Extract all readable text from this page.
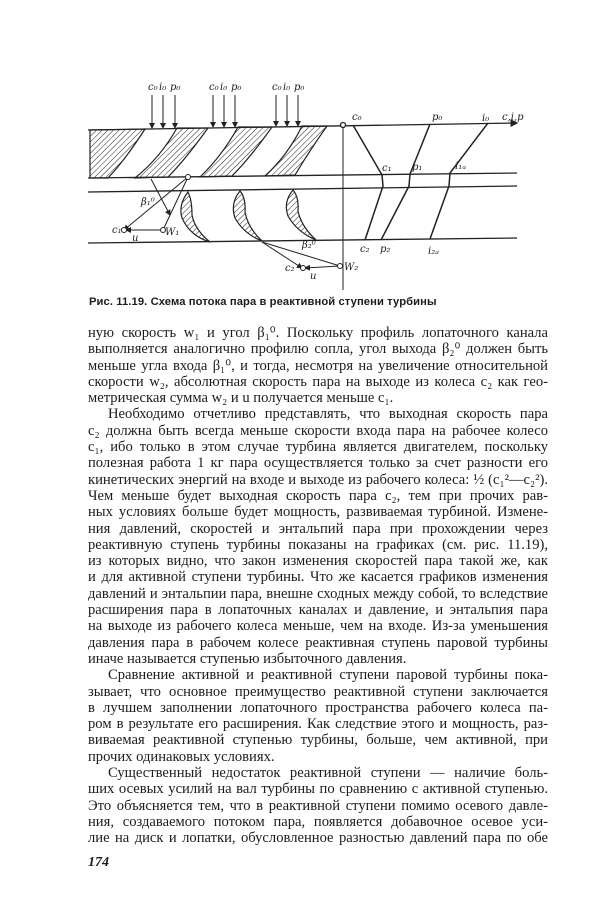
c₀ i₀ p₀	c₀ i₀ p₀	c₀ i₀ p₀
c,i,p
c₀	p₀	i₀
c₁ p₁	i₁ₐ
c₂ p₂	i₂ₐ
β₁⁰
β₂⁰
c₁
u
W₁
c₂
u
W₂
Рис. 11.19. Схема потока пара в реактивной ступени турбины
ную скорость w₁ и угол β₁⁰. Поскольку профиль лопаточного канала
выполняется аналогично профилю сопла, угол выхода β₂⁰ должен быть
меньше угла входа β₁⁰, и тогда, несмотря на увеличение относительной
скорости w₂, абсолютная скорость пара на выходе из колеса c₂ как гео-
метрическая сумма w₂ и u получается меньше c₁.
Необходимо отчетливо представлять, что выходная скорость пара
c₂ должна быть всегда меньше скорости входа пара на рабочее колесо
c₁, ибо только в этом случае турбина является двигателем, поскольку
полезная работа 1 кг пара осуществляется только за счет разности его
кинетических энергий на входе и выходе из рабочего колеса: ½ (c₁²—c₂²).
Чем меньше будет выходная скорость пара c₂, тем при прочих рав-
ных условиях больше будет мощность, развиваемая турбиной. Измене-
ния давлений, скоростей и энтальпий пара при прохождении через
реактивную ступень турбины показаны на графиках (см. рис. 11.19),
из которых видно, что закон изменения скоростей пара такой же, как
и для активной ступени турбины. Что же касается графиков изменения
давлений и энтальпии пара, внешне сходных между собой, то вследствие
расширения пара в лопаточных каналах и давление, и энтальпия пара
на выходе из рабочего колеса меньше, чем на входе. Из-за уменьшения
давления пара в рабочем колесе реактивная ступень паровой турбины
иначе называется ступенью избыточного давления.
Сравнение активной и реактивной ступени паровой турбины пока-
зывает, что основное преимущество реактивной ступени заключается
в лучшем заполнении лопаточного пространства рабочего колеса па-
ром в результате его расширения. Как следствие этого и мощность, раз-
виваемая реактивной ступенью турбины, больше, чем активной, при
прочих одинаковых условиях.
Существенный недостаток реактивной ступени — наличие боль-
ших осевых усилий на вал турбины по сравнению с активной ступенью.
Это объясняется тем, что в реактивной ступени помимо осевого давле-
ния, создаваемого потоком пара, появляется добавочное осевое уси-
лие на диск и лопатки, обусловленное разностью давлений пара по обе
174
